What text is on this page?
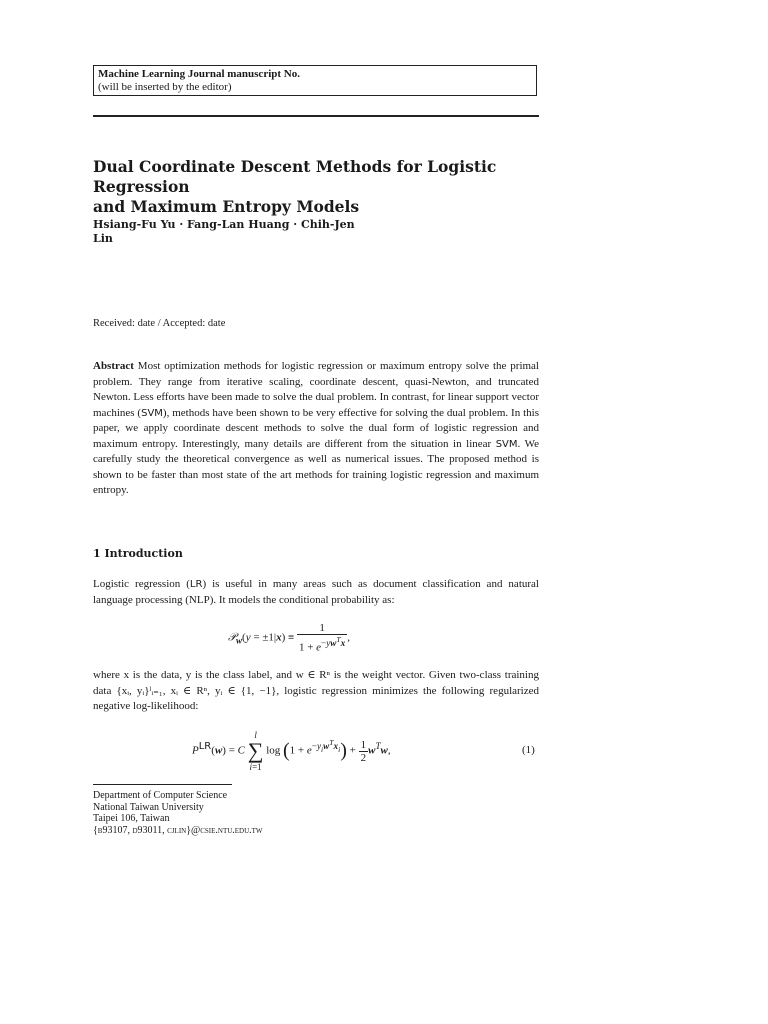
Machine Learning Journal manuscript No.
(will be inserted by the editor)
Dual Coordinate Descent Methods for Logistic Regression
and Maximum Entropy Models
Hsiang-Fu Yu · Fang-Lan Huang · Chih-Jen
Lin
Received: date / Accepted: date
Abstract Most optimization methods for logistic regression or maximum entropy solve the primal problem. They range from iterative scaling, coordinate descent, quasi-Newton, and truncated Newton. Less efforts have been made to solve the dual problem. In contrast, for linear support vector machines (SVM), methods have been shown to be very effective for solving the dual problem. In this paper, we apply coordinate descent methods to solve the dual form of logistic regression and maximum entropy. Interestingly, many details are different from the situation in linear SVM. We carefully study the theoretical convergence as well as numerical issues. The proposed method is shown to be faster than most state of the art methods for training logistic regression and maximum entropy.
1 Introduction
Logistic regression (LR) is useful in many areas such as document classification and natural language processing (NLP). It models the conditional probability as:
𝒫$_w$(y = $\pm 1|x) \equiv \frac{1}{1 + e^{-yw^Tx}}$ ,
where x is the data, y is the class label, and w ∈ Rⁿ is the weight vector. Given two-class training data {xᵢ, yᵢ}ˡᵢ₌₁, xᵢ ∈ Rⁿ, yᵢ ∈ {1, −1}, logistic regression minimizes the following regularized negative log-likelihood:
$P^{LR}(w) = C$ l
∑
i=1 $\log (1 + e^{-y_iw^Tx_i}) + \frac{1}{2} w^Tw$,	(1)
Department of Computer Science
National Taiwan University
Taipei 106, Taiwan
{b93107, d93011, cjlin}@csie.ntu.edu.tw
